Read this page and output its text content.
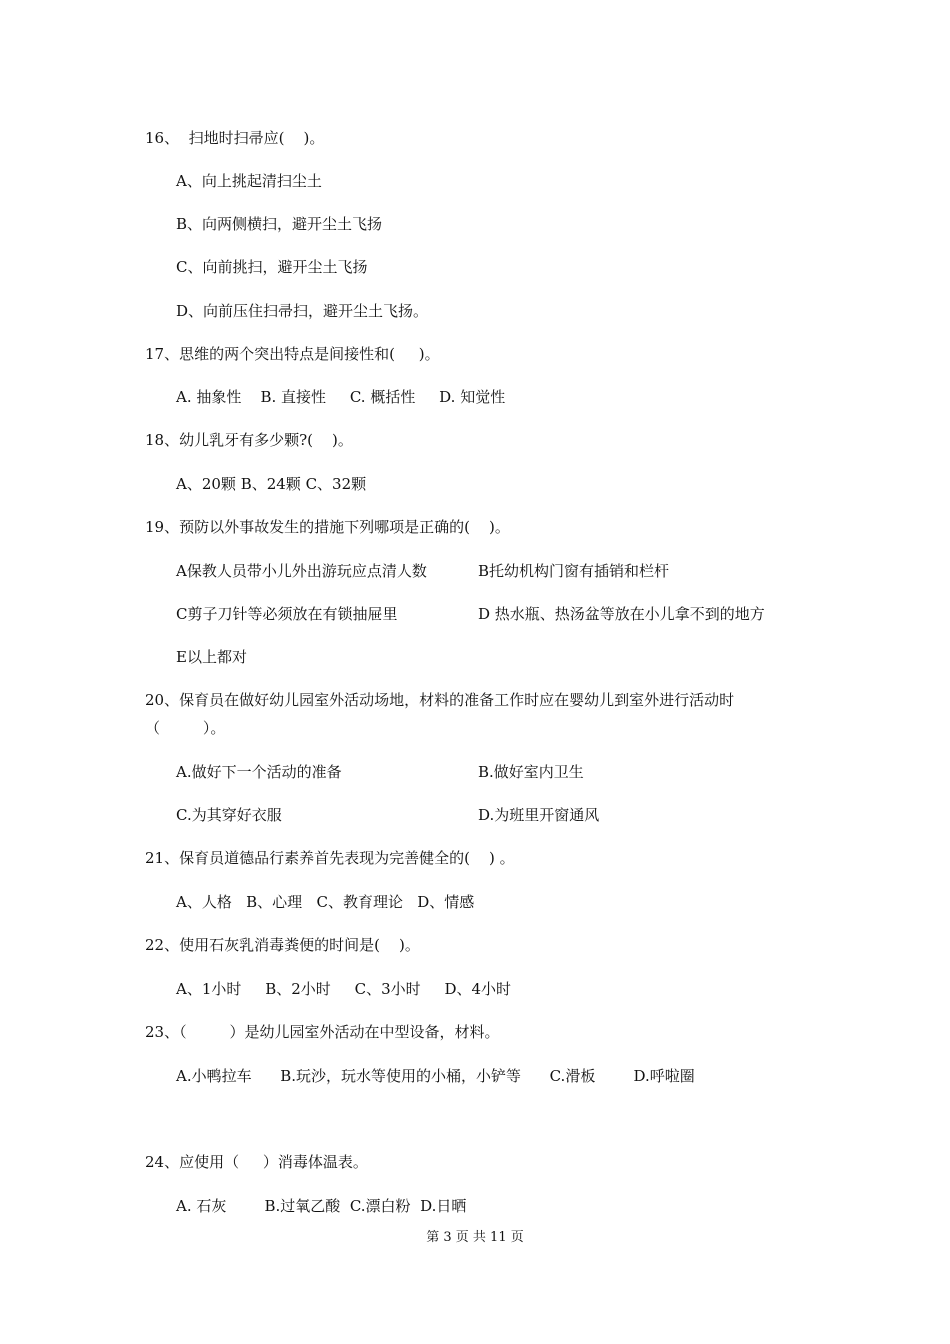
16、  扫地时扫帚应(    )。
A、向上挑起清扫尘土
B、向两侧横扫，避开尘土飞扬
C、向前挑扫，避开尘土飞扬
D、向前压住扫帚扫，避开尘土飞扬。
17、思维的两个突出特点是间接性和(     )。
A. 抽象性    B. 直接性     C. 概括性     D. 知觉性
18、幼儿乳牙有多少颗?(    )。
A、20颗 B、24颗 C、32颗
19、预防以外事故发生的措施下列哪项是正确的(    )。
A保教人员带小儿外出游玩应点清人数	B托幼机构门窗有插销和栏杆
C剪子刀针等必须放在有锁抽屉里	D 热水瓶、热汤盆等放在小儿拿不到的地方
E以上都对
20、保育员在做好幼儿园室外活动场地，材料的准备工作时应在婴幼儿到室外进行活动时
（         ）。
A.做好下一个活动的准备	B.做好室内卫生
C.为其穿好衣服	D.为班里开窗通风
21、保育员道德品行素养首先表现为完善健全的(    ) 。
A、人格   B、心理   C、教育理论   D、情感
22、使用石灰乳消毒粪便的时间是(    )。
A、1小时     B、2小时     C、3小时     D、4小时
23、（         ）是幼儿园室外活动在中型设备，材料。
A.小鸭拉车      B.玩沙，玩水等使用的小桶，小铲等      C.滑板        D.呼啦圈
24、应使用（     ）消毒体温表。
A. 石灰        B.过氧乙酸  C.漂白粉  D.日晒
第 3 页 共 11 页
